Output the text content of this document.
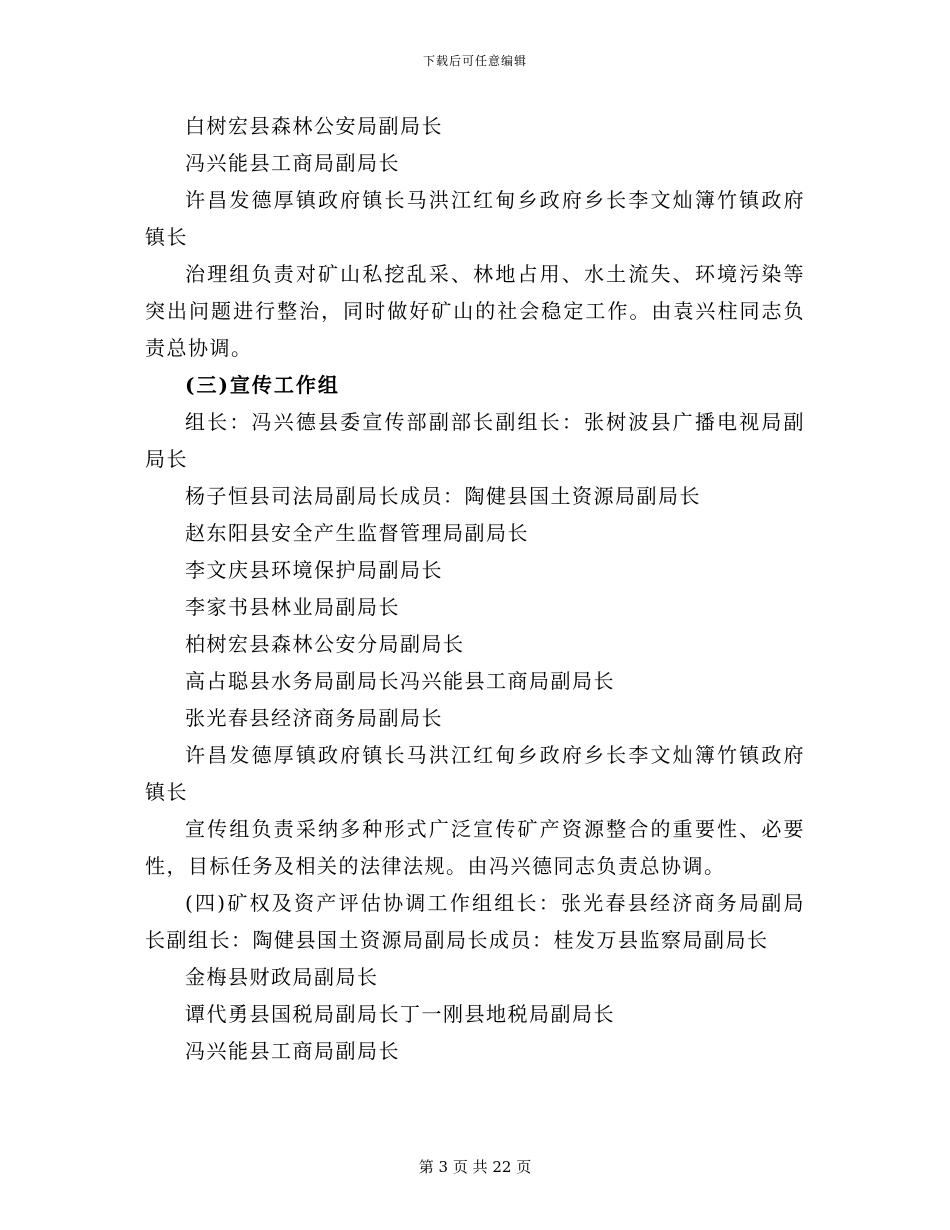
下载后可任意编辑

白树宏县森林公安局副局长

冯兴能县工商局副局长

许昌发德厚镇政府镇长马洪江红甸乡政府乡长李文灿簿竹镇政府镇长

治理组负责对矿山私挖乱采、林地占用、水土流失、环境污染等突出问题进行整治，同时做好矿山的社会稳定工作。由袁兴柱同志负责总协调。

(三)宣传工作组

组长：冯兴德县委宣传部副部长副组长：张树波县广播电视局副局长

杨子恒县司法局副局长成员：陶健县国土资源局副局长

赵东阳县安全产生监督管理局副局长

李文庆县环境保护局副局长

李家书县林业局副局长

柏树宏县森林公安分局副局长

高占聪县水务局副局长冯兴能县工商局副局长

张光春县经济商务局副局长

许昌发德厚镇政府镇长马洪江红甸乡政府乡长李文灿簿竹镇政府镇长

宣传组负责采纳多种形式广泛宣传矿产资源整合的重要性、必要性，目标任务及相关的法律法规。由冯兴德同志负责总协调。

(四)矿权及资产评估协调工作组组长：张光春县经济商务局副局长副组长：陶健县国土资源局副局长成员：桂发万县监察局副局长

金梅县财政局副局长

谭代勇县国税局副局长丁一刚县地税局副局长

冯兴能县工商局副局长

第 3 页 共 22 页
